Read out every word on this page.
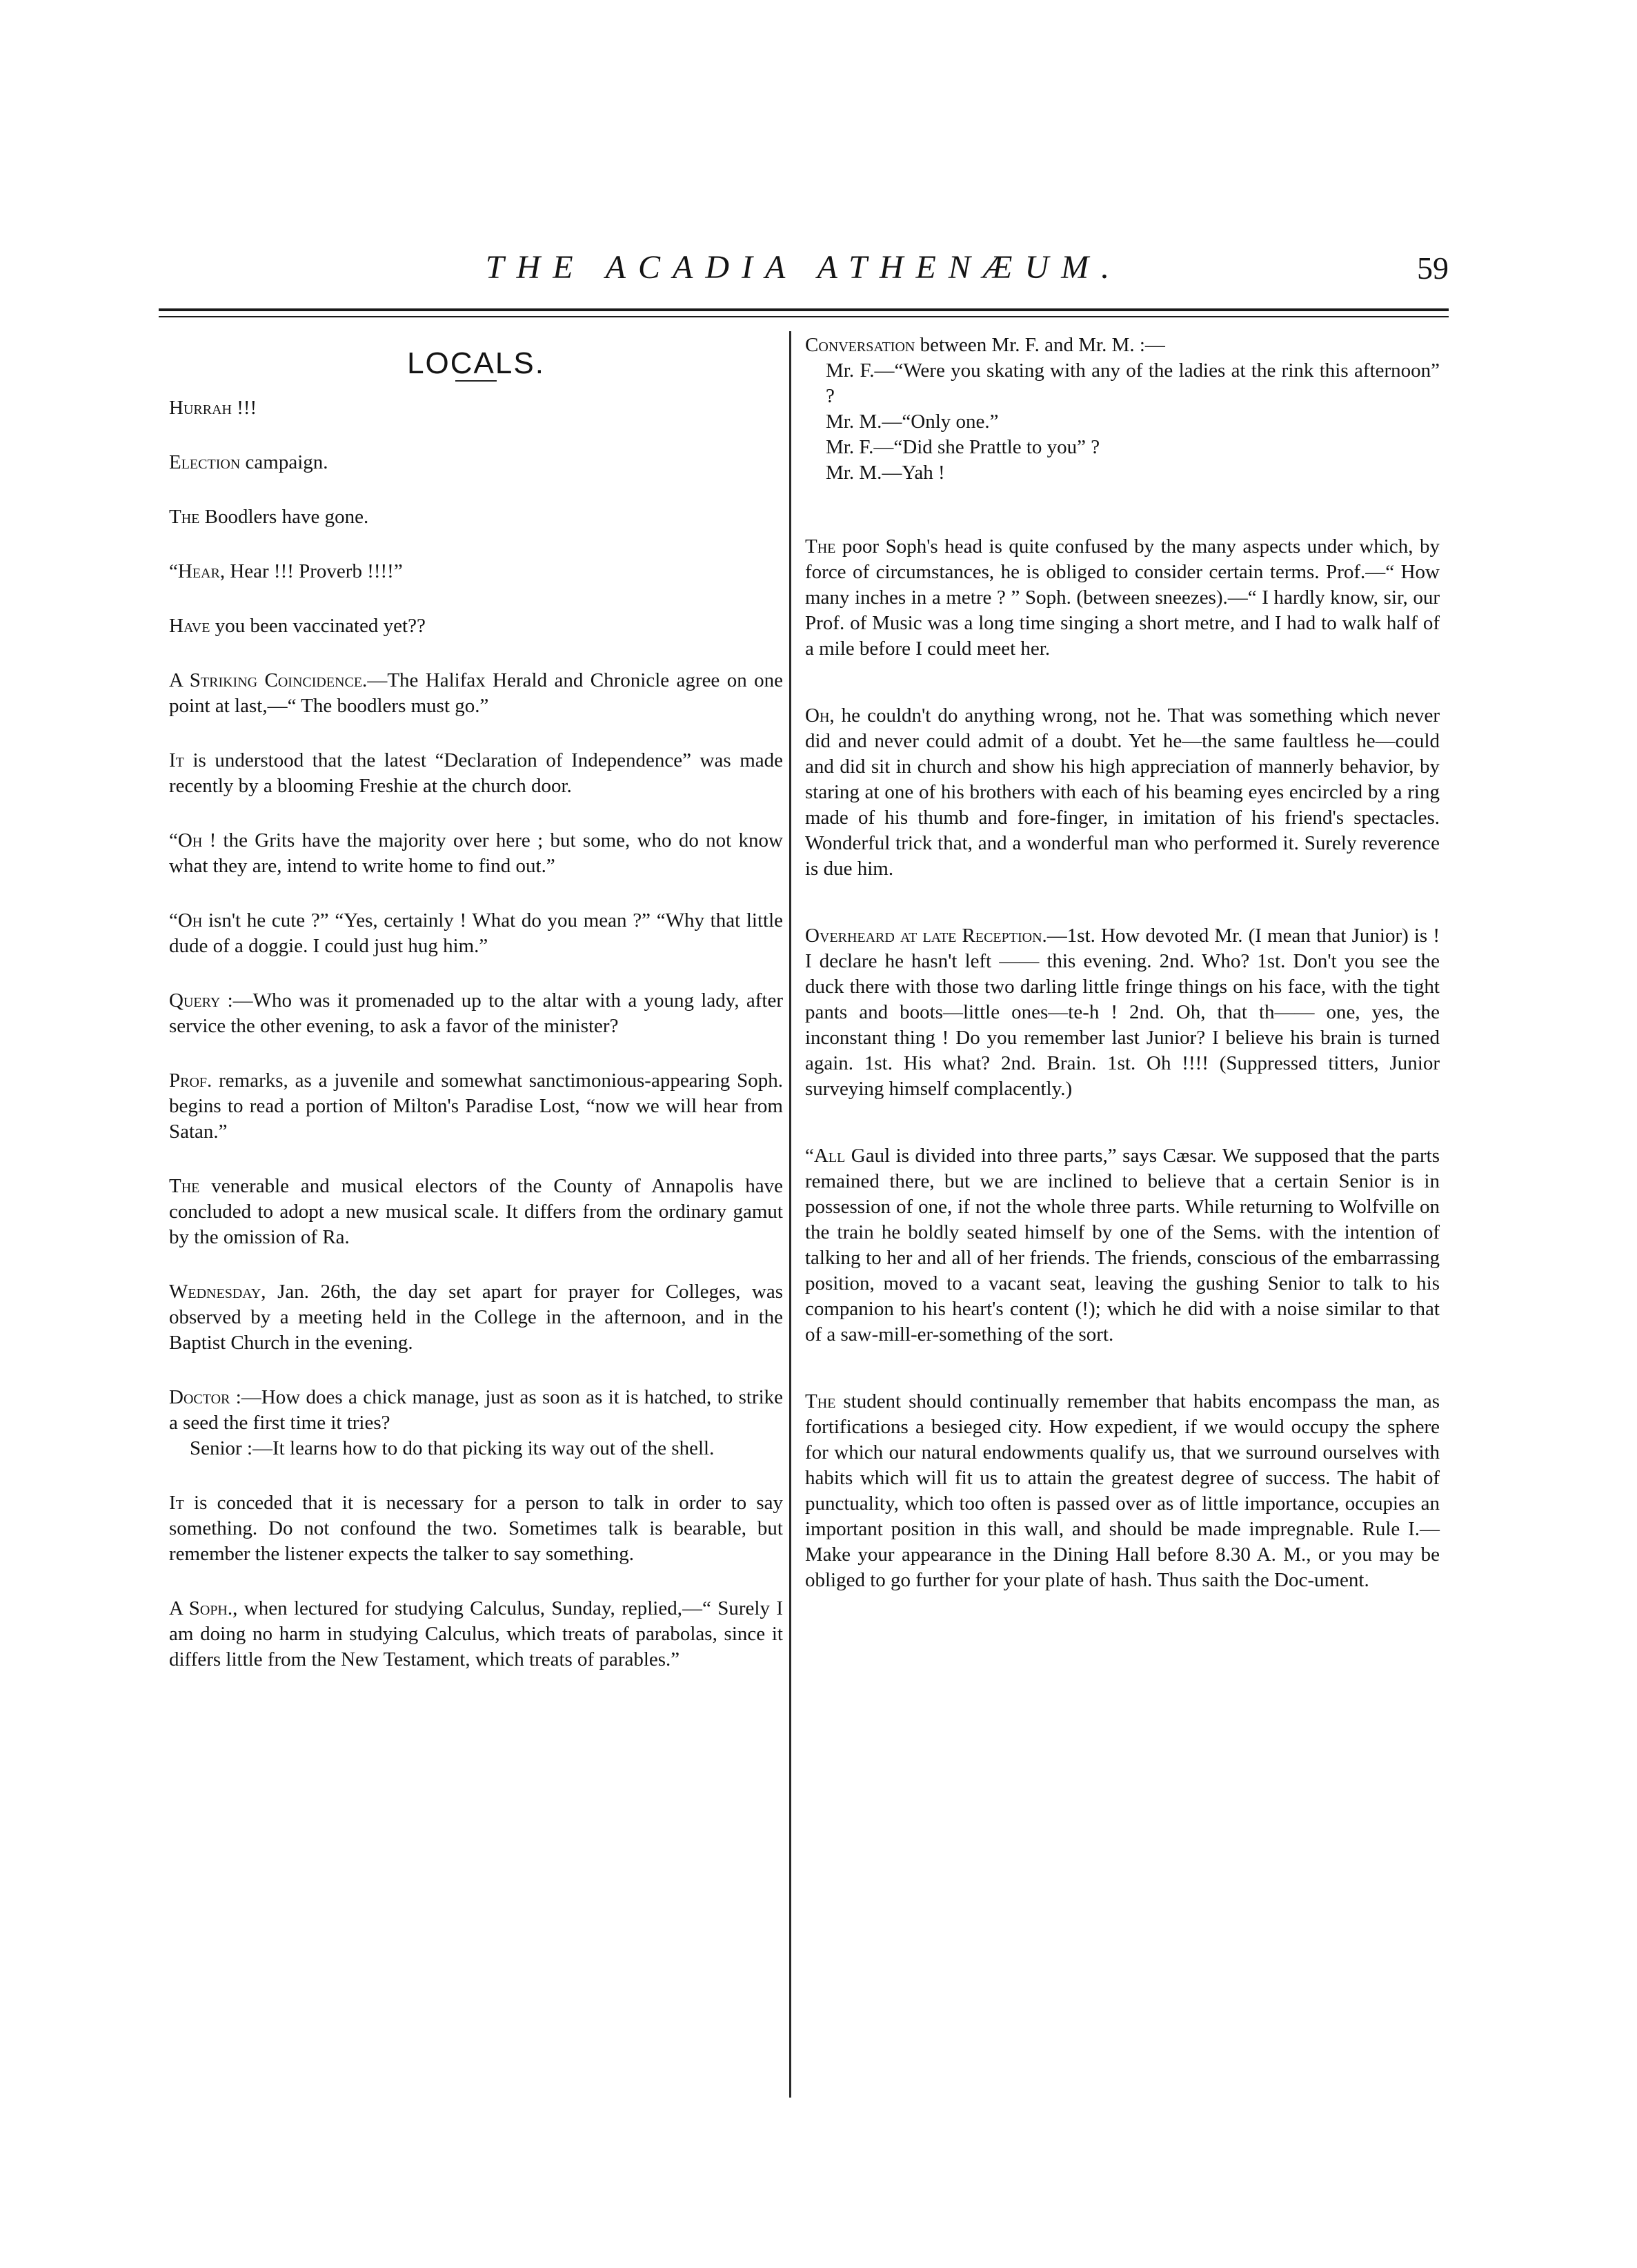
THE ACADIA ATHENÆUM.	59
LOCALS.

Hurrah !!!

Election campaign.

The Boodlers have gone.

“Hear, Hear !!! Proverb !!!!”

Have you been vaccinated yet??

A Striking Coincidence.—The Halifax Herald and Chronicle agree on one point at last,—“ The boodlers must go.”

It is understood that the latest “Declaration of Independence” was made recently by a blooming Freshie at the church door.

“Oh ! the Grits have the majority over here ; but some, who do not know what they are, intend to write home to find out.”

“Oh isn't he cute ?” “Yes, certainly ! What do you mean ?” “Why that little dude of a doggie. I could just hug him.”

Query :—Who was it promenaded up to the altar with a young lady, after service the other evening, to ask a favor of the minister?

Prof. remarks, as a juvenile and somewhat sanctimonious-appearing Soph. begins to read a portion of Milton's Paradise Lost, “now we will hear from Satan.”

The venerable and musical electors of the County of Annapolis have concluded to adopt a new musical scale. It differs from the ordinary gamut by the omission of Ra.

Wednesday, Jan. 26th, the day set apart for prayer for Colleges, was observed by a meeting held in the College in the afternoon, and in the Baptist Church in the evening.

Doctor :—How does a chick manage, just as soon as it is hatched, to strike a seed the first time it tries?

Senior :—It learns how to do that picking its way out of the shell.

It is conceded that it is necessary for a person to talk in order to say something. Do not confound the two. Sometimes talk is bearable, but remember the listener expects the talker to say something.

A Soph., when lectured for studying Calculus, Sunday, replied,—“ Surely I am doing no harm in studying Calculus, which treats of parabolas, since it differs little from the New Testament, which treats of parables.”

Conversation between Mr. F. and Mr. M. :—

Mr. F.—“Were you skating with any of the ladies at the rink this afternoon” ?

Mr. M.—“Only one.”

Mr. F.—“Did she Prattle to you” ?

Mr. M.—Yah !

The poor Soph's head is quite confused by the many aspects under which, by force of circumstances, he is obliged to consider certain terms. Prof.—“ How many inches in a metre ? ” Soph. (between sneezes).—“ I hardly know, sir, our Prof. of Music was a long time singing a short metre, and I had to walk half of a mile before I could meet her.

Oh, he couldn't do anything wrong, not he. That was something which never did and never could admit of a doubt. Yet he—the same faultless he—could and did sit in church and show his high appreciation of mannerly behavior, by staring at one of his brothers with each of his beaming eyes encircled by a ring made of his thumb and fore-finger, in imitation of his friend's spectacles. Wonderful trick that, and a wonderful man who performed it. Surely reverence is due him.

Overheard at late Reception.—1st. How devoted Mr. (I mean that Junior) is ! I declare he hasn't left —— this evening. 2nd. Who? 1st. Don't you see the duck there with those two darling little fringe things on his face, with the tight pants and boots—little ones—te-h ! 2nd. Oh, that th—— one, yes, the inconstant thing ! Do you remember last Junior? I believe his brain is turned again. 1st. His what? 2nd. Brain. 1st. Oh !!!! (Suppressed titters, Junior surveying himself complacently.)

“All Gaul is divided into three parts,” says Cæsar. We supposed that the parts remained there, but we are inclined to believe that a certain Senior is in possession of one, if not the whole three parts. While returning to Wolfville on the train he boldly seated himself by one of the Sems. with the intention of talking to her and all of her friends. The friends, conscious of the embarrassing position, moved to a vacant seat, leaving the gushing Senior to talk to his companion to his heart's content (!); which he did with a noise similar to that of a saw-mill-er-something of the sort.

The student should continually remember that habits encompass the man, as fortifications a besieged city. How expedient, if we would occupy the sphere for which our natural endowments qualify us, that we surround ourselves with habits which will fit us to attain the greatest degree of success. The habit of punctuality, which too often is passed over as of little importance, occupies an important position in this wall, and should be made impregnable. Rule I.—Make your appearance in the Dining Hall before 8.30 A. M., or you may be obliged to go further for your plate of hash. Thus saith the Doc-ument.
